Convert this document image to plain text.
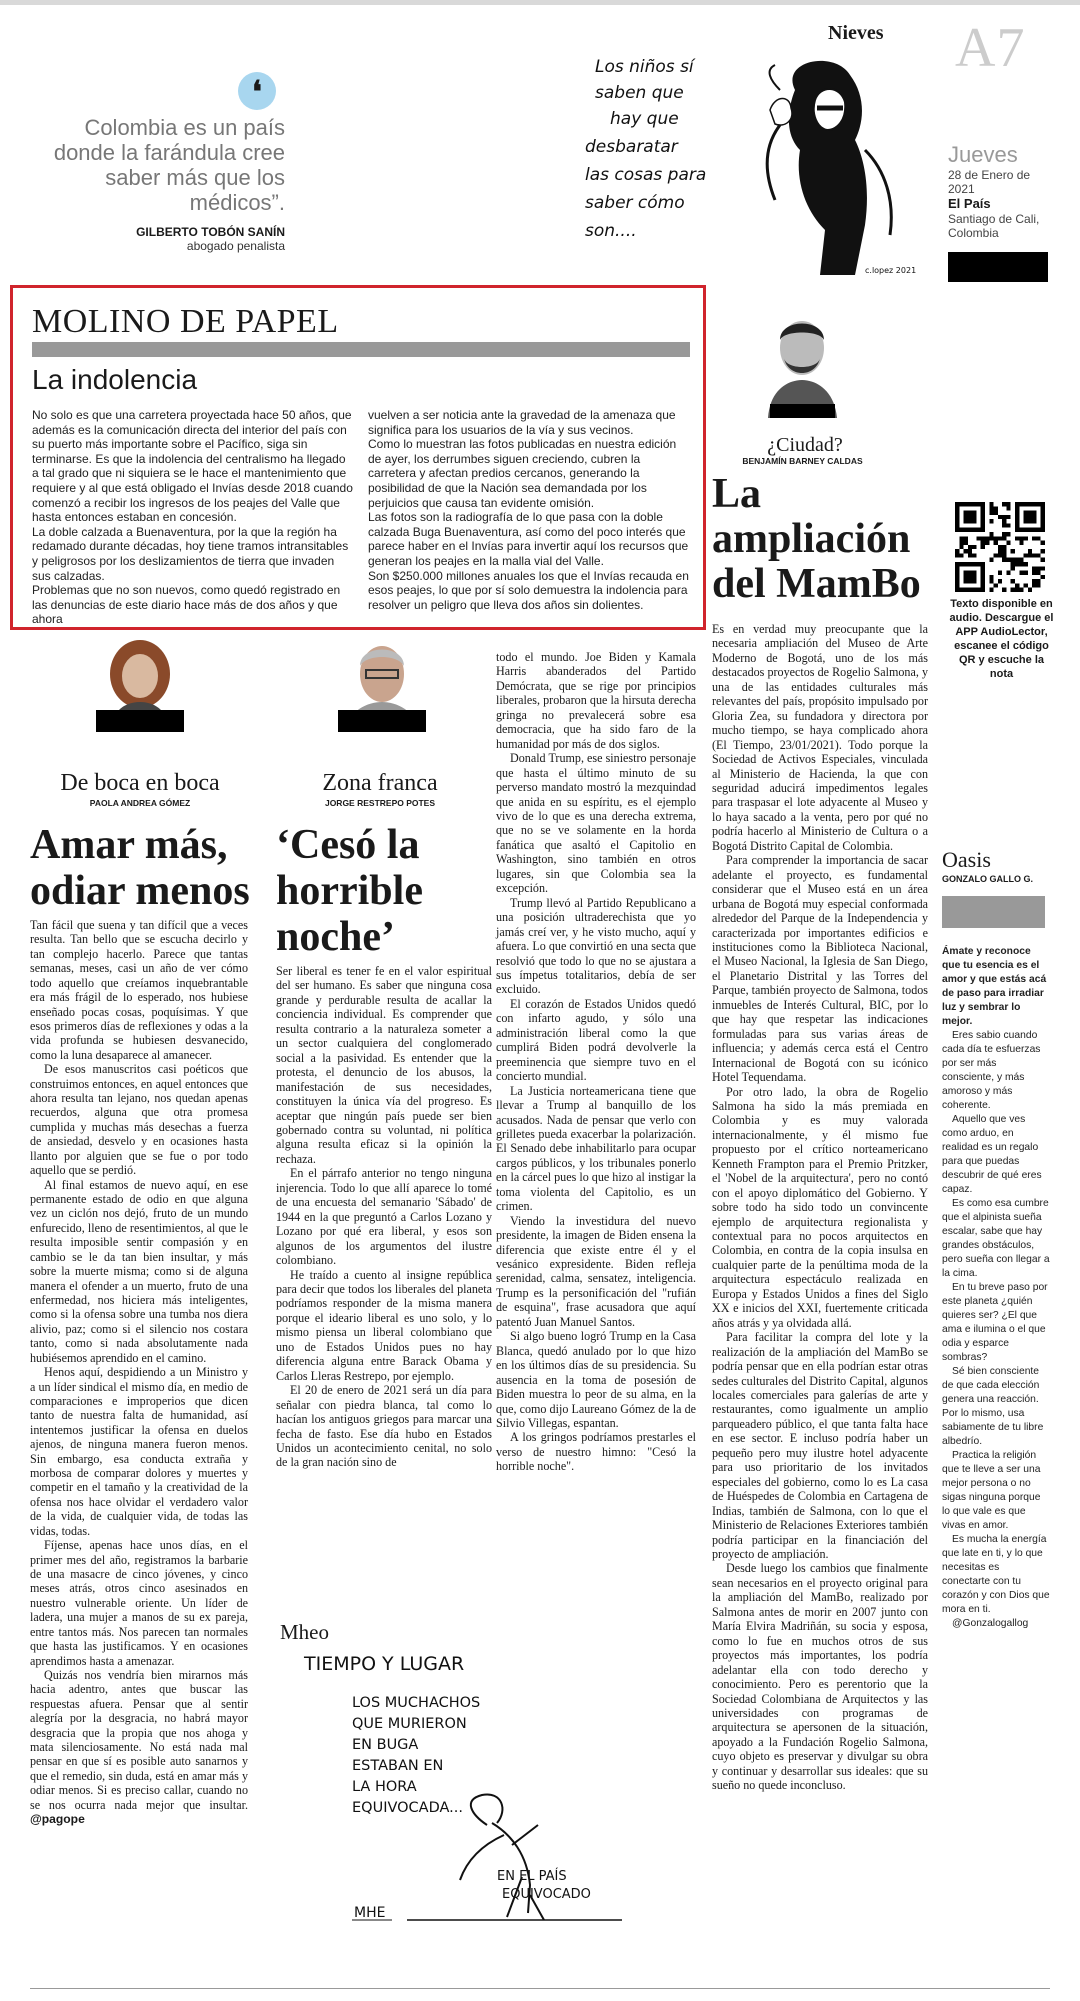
❛
Colombia es un país donde la farándula cree saber más que los médicos”.
GILBERTO TOBÓN SANÍN
abogado penalista
Nieves
Los niños sí
saben que
hay que
desbaratar
las cosas para
saber cómo
son....
c.lopez 2021
A7
Jueves
28 de Enero de 2021
El País
Santiago de Cali, Colombia
MOLINO DE PAPEL
La indolencia

No solo es que una carretera proyectada hace 50 años, que además es la comunicación directa del interior del país con su puerto más importante sobre el Pacífico, siga sin terminarse. Es que la indolencia del centralismo ha llegado a tal grado que ni siquiera se le hace el mantenimiento que requiere y al que está obligado el Invías desde 2018 cuando comenzó a recibir los ingresos de los peajes del Valle que hasta entonces estaban en concesión.

La doble calzada a Buenaventura, por la que la región ha redamado durante décadas, hoy tiene tramos intransitables y peligrosos por los deslizamientos de tierra que invaden sus calzadas.

Problemas que no son nuevos, como quedó registrado en las denuncias de este diario hace más de dos años y que ahora

vuelven a ser noticia ante la gravedad de la amenaza que significa para los usuarios de la vía y sus vecinos.

Como lo muestran las fotos publicadas en nuestra edición de ayer, los derrumbes siguen creciendo, cubren la carretera y afectan predios cercanos, generando la posibilidad de que la Nación sea demandada por los perjuicios que causa tan evidente omisión.

Las fotos son la radiografía de lo que pasa con la doble calzada Buga Buenaventura, así como del poco interés que parece haber en el Invías para invertir aquí los recursos que generan los peajes en la malla vial del Valle.

Son $250.000 millones anuales los que el Invías recauda en esos peajes, lo que por sí solo demuestra la indolencia para resolver un peligro que lleva dos años sin dolientes.

¿Ciudad?
BENJAMÍN BARNEY CALDAS
La ampliación del MamBo

Es en verdad muy preocupante que la necesaria ampliación del Museo de Arte Moderno de Bogotá, uno de los más destacados proyectos de Rogelio Salmona, y una de las entidades culturales más relevantes del país, propósito impulsado por Gloria Zea, su fundadora y directora por mucho tiempo, se haya complicado ahora (El Tiempo, 23/01/2021). Todo porque la Sociedad de Activos Especiales, vinculada al Ministerio de Hacienda, la que con seguridad aducirá impedimentos legales para traspasar el lote adyacente al Museo y lo haya sacado a la venta, pero por qué no podría hacerlo al Ministerio de Cultura o a Bogotá Distrito Capital de Colombia.

Para comprender la importancia de sacar adelante el proyecto, es fundamental considerar que el Museo está en un área urbana de Bogotá muy especial conformada alrededor del Parque de la Independencia y caracterizada por importantes edificios e instituciones como la Biblioteca Nacional, el Museo Nacional, la Iglesia de San Diego, el Planetario Distrital y las Torres del Parque, también proyecto de Salmona, todos inmuebles de Interés Cultural, BIC, por lo que hay que respetar las indicaciones formuladas para sus varias áreas de influencia; y además cerca está el Centro Internacional de Bogotá con su icónico Hotel Tequendama.

Por otro lado, la obra de Rogelio Salmona ha sido la más premiada en Colombia y es muy valorada internacionalmente, y él mismo fue propuesto por el crítico norteamericano Kenneth Frampton para el Premio Pritzker, el 'Nobel de la arquitectura', pero no contó con el apoyo diplomático del Gobierno. Y sobre todo ha sido todo un convincente ejemplo de arquitectura regionalista y contextual para no pocos arquitectos en Colombia, en contra de la copia insulsa en cualquier parte de la penúltima moda de la arquitectura espectáculo realizada en Europa y Estados Unidos a fines del Siglo XX e inicios del XXI, fuertemente criticada años atrás y ya olvidada allá.

Para facilitar la compra del lote y la realización de la ampliación del MamBo se podría pensar que en ella podrían estar otras sedes culturales del Distrito Capital, algunos locales comerciales para galerías de arte y restaurantes, como igualmente un amplio parqueadero público, el que tanta falta hace en ese sector. E incluso podría haber un pequeño pero muy ilustre hotel adyacente para uso prioritario de los invitados especiales del gobierno, como lo es La casa de Huéspedes de Colombia en Cartagena de Indias, también de Salmona, con lo que el Ministerio de Relaciones Exteriores también podría participar en la financiación del proyecto de ampliación.

Desde luego los cambios que finalmente sean necesarios en el proyecto original para la ampliación del MamBo, realizado por Salmona antes de morir en 2007 junto con María Elvira Madriñán, su socia y esposa, como lo fue en muchos otros de sus proyectos más importantes, los podría adelantar ella con todo derecho y conocimiento. Pero es perentorio que la Sociedad Colombiana de Arquitectos y las universidades con programas de arquitectura se apersonen de la situación, apoyado a la Fundación Rogelio Salmona, cuyo objeto es preservar y divulgar su obra y continuar y desarrollar sus ideales: que su sueño no quede inconcluso.

Texto disponible en audio. Descargue el APP AudioLector, escanee el código QR y escuche la nota
Oasis
GONZALO GALLO G.

Ámate y reconoce que tu esencia es el amor y que estás acá de paso para irradiar luz y sembrar lo mejor.

Eres sabio cuando cada día te esfuerzas por ser más consciente, y más amoroso y más coherente.

Aquello que ves como arduo, en realidad es un regalo para que puedas descubrir de qué eres capaz.

Es como esa cumbre que el alpinista sueña escalar, sabe que hay grandes obstáculos, pero sueña con llegar a la cima.

En tu breve paso por este planeta ¿quién quieres ser? ¿El que ama e ilumina o el que odia y esparce sombras?

Sé bien consciente de que cada elección genera una reacción. Por lo mismo, usa sabiamente de tu libre albedrío.

Practica la religión que te lleve a ser una mejor persona o no sigas ninguna porque lo que vale es que vivas en amor.

Es mucha la energía que late en ti, y lo que necesitas es conectarte con tu corazón y con Dios que mora en ti.

@Gonzalogallog

De boca en boca
PAOLA ANDREA GÓMEZ
Amar más, odiar menos

Tan fácil que suena y tan difícil que a veces resulta. Tan bello que se escucha decirlo y tan complejo hacerlo. Parece que tantas semanas, meses, casi un año de ver cómo todo aquello que creíamos inquebrantable era más frágil de lo esperado, nos hubiese enseñado pocas cosas, poquísimas. Y que esos primeros días de reflexiones y odas a la vida profunda se hubiesen desvanecido, como la luna desaparece al amanecer.

De esos manuscritos casi poéticos que construimos entonces, en aquel entonces que ahora resulta tan lejano, nos quedan apenas recuerdos, alguna que otra promesa cumplida y muchas más desechas a fuerza de ansiedad, desvelo y en ocasiones hasta llanto por alguien que se fue o por todo aquello que se perdió.

Al final estamos de nuevo aquí, en ese permanente estado de odio en que alguna vez un ciclón nos dejó, fruto de un mundo enfurecido, lleno de resentimientos, al que le resulta imposible sentir compasión y en cambio se le da tan bien insultar, y más sobre la muerte misma; como si de alguna manera el ofender a un muerto, fruto de una enfermedad, nos hiciera más inteligentes, como si la ofensa sobre una tumba nos diera alivio, paz; como si el silencio nos costara tanto, como si nada absolutamente nada hubiésemos aprendido en el camino.

Henos aquí, despidiendo a un Ministro y a un líder sindical el mismo día, en medio de comparaciones e improperios que dicen tanto de nuestra falta de humanidad, así intentemos justificar la ofensa en duelos ajenos, de ninguna manera fueron menos. Sin embargo, esa conducta extraña y morbosa de comparar dolores y muertes y competir en el tamaño y la creatividad de la ofensa nos hace olvidar el verdadero valor de la vida, de cualquier vida, de todas las vidas, todas.

Fíjense, apenas hace unos días, en el primer mes del año, registramos la barbarie de una masacre de cinco jóvenes, y cinco meses atrás, otros cinco asesinados en nuestro vulnerable oriente. Un líder de ladera, una mujer a manos de su ex pareja, entre tantos más. Nos parecen tan normales que hasta las justificamos. Y en ocasiones aprendimos hasta a amenazar.

Quizás nos vendría bien mirarnos más hacia adentro, antes que buscar las respuestas afuera. Pensar que al sentir alegría por la desgracia, no habrá mayor desgracia que la propia que nos ahoga y mata silenciosamente. No está nada mal pensar en que sí es posible auto sanarnos y que el remedio, sin duda, está en amar más y odiar menos. Si es preciso callar, cuando no se nos ocurra nada mejor que insultar. @pagope

Zona franca
JORGE RESTREPO POTES
‘Cesó la horrible noche’

Ser liberal es tener fe en el valor espiritual del ser humano. Es saber que ninguna cosa grande y perdurable resulta de acallar la conciencia individual. Es comprender que resulta contrario a la naturaleza someter a un sector cualquiera del conglomerado social a la pasividad. Es entender que la protesta, el denuncio de los abusos, la manifestación de sus necesidades, constituyen la única vía del progreso. Es aceptar que ningún país puede ser bien gobernado contra su voluntad, ni política alguna resulta eficaz si la opinión la rechaza.

En el párrafo anterior no tengo ninguna injerencia. Todo lo que allí aparece lo tomé de una encuesta del semanario 'Sábado' de 1944 en la que preguntó a Carlos Lozano y Lozano por qué era liberal, y esos son algunos de los argumentos del ilustre colombiano.

He traído a cuento al insigne república para decir que todos los liberales del planeta podríamos responder de la misma manera porque el ideario liberal es uno solo, y lo mismo piensa un liberal colombiano que uno de Estados Unidos pues no hay diferencia alguna entre Barack Obama y Carlos Lleras Restrepo, por ejemplo.

El 20 de enero de 2021 será un día para señalar con piedra blanca, tal como lo hacían los antiguos griegos para marcar una fecha de fasto. Ese día hubo en Estados Unidos un acontecimiento cenital, no solo de la gran nación sino de

todo el mundo. Joe Biden y Kamala Harris abanderados del Partido Demócrata, que se rige por principios liberales, probaron que la hirsuta derecha gringa no prevalecerá sobre esa democracia, que ha sido faro de la humanidad por más de dos siglos.

Donald Trump, ese siniestro personaje que hasta el último minuto de su perverso mandato mostró la mezquindad que anida en su espíritu, es el ejemplo vivo de lo que es una derecha extrema, que no se ve solamente en la horda fanática que asaltó el Capitolio en Washington, sino también en otros lugares, sin que Colombia sea la excepción.

Trump llevó al Partido Republicano a una posición ultraderechista que yo jamás creí ver, y he visto mucho, aquí y afuera. Lo que convirtió en una secta que resolvió que todo lo que no se ajustara a sus ímpetus totalitarios, debía de ser excluido.

El corazón de Estados Unidos quedó con infarto agudo, y sólo una administración liberal como la que cumplirá Biden podrá devolverle la preeminencia que siempre tuvo en el concierto mundial.

La Justicia norteamericana tiene que llevar a Trump al banquillo de los acusados. Nada de pensar que verlo con grilletes pueda exacerbar la polarización. El Senado debe inhabilitarlo para ocupar cargos públicos, y los tribunales ponerlo en la cárcel pues lo que hizo al instigar la toma violenta del Capitolio, es un crimen.

Viendo la investidura del nuevo presidente, la imagen de Biden ensena la diferencia que existe entre él y el vesánico expresidente. Biden refleja serenidad, calma, sensatez, inteligencia. Trump es la personificación del "rufián de esquina", frase acusadora que aquí patentó Juan Manuel Santos.

Si algo bueno logró Trump en la Casa Blanca, quedó anulado por lo que hizo en los últimos días de su presidencia. Su ausencia en la toma de posesión de Biden muestra lo peor de su alma, en la que, como dijo Laureano Gómez de la de Silvio Villegas, espantan.

A los gringos podríamos prestarles el verso de nuestro himno: "Cesó la horrible noche".

Mheo
TIEMPO Y LUGAR
LOS MUCHACHOS
QUE MURIERON
EN BUGA
ESTABAN EN
LA HORA
EQUIVOCADA...
EN EL PAÍS
EQUIVOCADO
MHE
